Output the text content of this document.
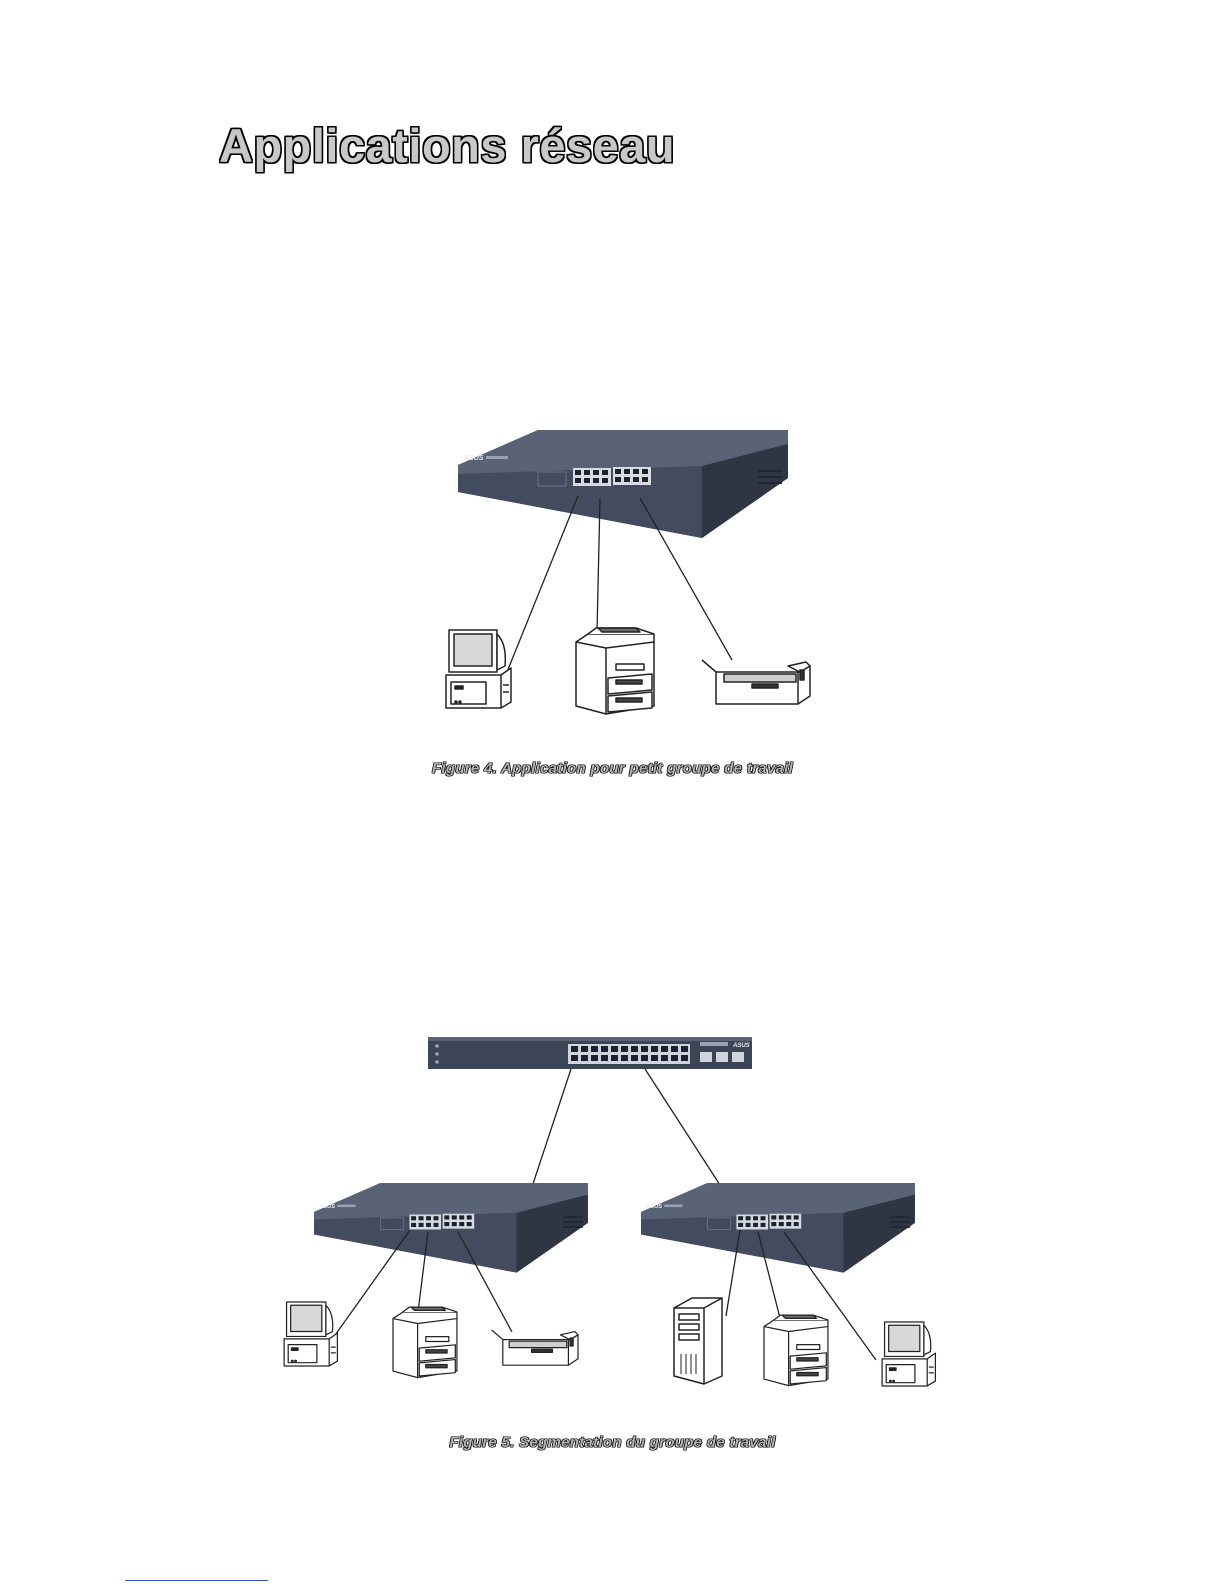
Applications réseau
ASUS
ASUS

Figure 4. Application pour petit groupe de travail

Figure 5. Segmentation du groupe de travail
